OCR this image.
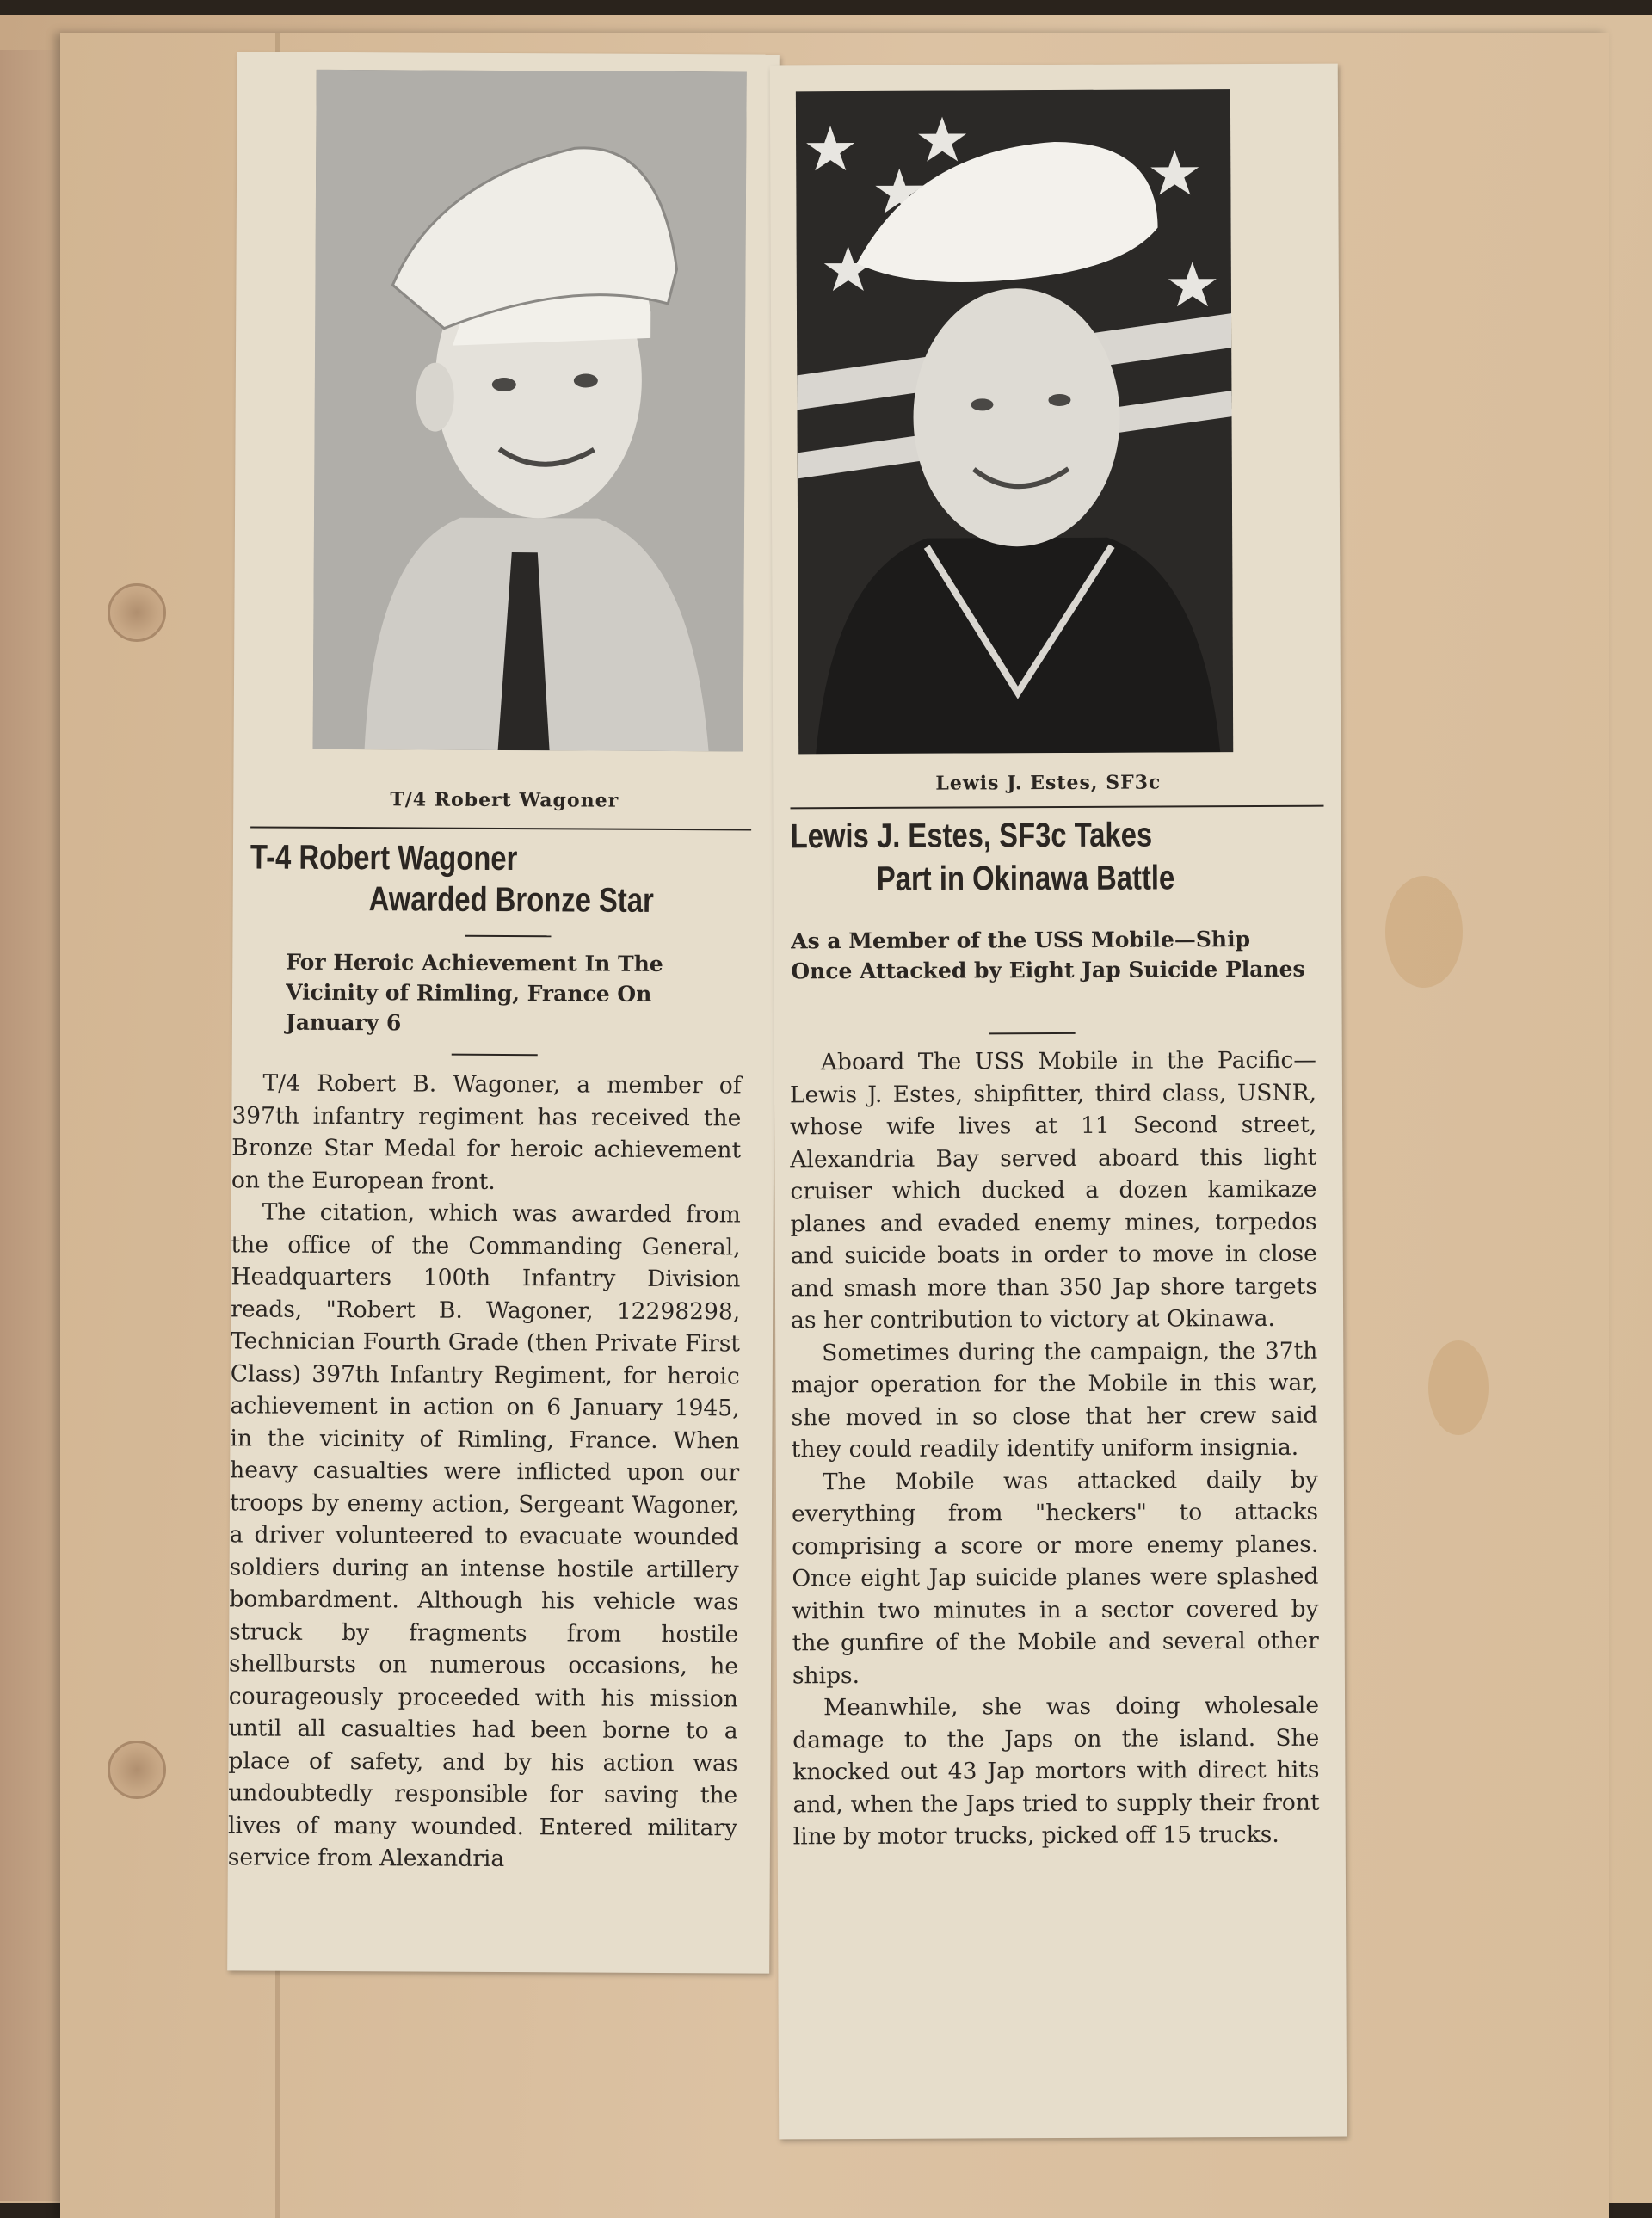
T/4 Robert Wagoner
T-4 Robert Wagoner
Awarded Bronze Star
For Heroic Achievement In The Vicinity of Rimling, France On January 6

T/4 Robert B. Wagoner, a member of 397th infantry regiment has received the Bronze Star Medal for heroic achievement on the European front.

The citation, which was awarded from the office of the Commanding General, Headquarters 100th Infantry Division reads, "Robert B. Wagoner, 12298298, Technician Fourth Grade (then Private First Class) 397th Infantry Regiment, for heroic achievement in action on 6 January 1945, in the vicinity of Rimling, France. When heavy casualties were inflicted upon our troops by enemy action, Sergeant Wagoner, a driver volunteered to evacuate wounded soldiers during an intense hostile artillery bombardment. Although his vehicle was struck by fragments from hostile shellbursts on numerous occasions, he courageously proceeded with his mission until all casualties had been borne to a place of safety, and by his action was undoubtedly responsible for saving the lives of many wounded. Entered military service from Alexandria

Lewis J. Estes, SF3c
Lewis J. Estes, SF3c Takes
Part in Okinawa Battle
As a Member of the USS Mobile—Ship Once Attacked by Eight Jap Suicide Planes

Aboard The USS Mobile in the Pacific—Lewis J. Estes, shipfitter, third class, USNR, whose wife lives at 11 Second street, Alexandria Bay served aboard this light cruiser which ducked a dozen kamikaze planes and evaded enemy mines, torpedos and suicide boats in order to move in close and smash more than 350 Jap shore targets as her contribution to victory at Okinawa.

Sometimes during the campaign, the 37th major operation for the Mobile in this war, she moved in so close that her crew said they could readily identify uniform insignia.

The Mobile was attacked daily by everything from "heckers" to attacks comprising a score or more enemy planes. Once eight Jap suicide planes were splashed within two minutes in a sector covered by the gunfire of the Mobile and several other ships.

Meanwhile, she was doing wholesale damage to the Japs on the island. She knocked out 43 Jap mortors with direct hits and, when the Japs tried to supply their front line by motor trucks, picked off 15 trucks.
